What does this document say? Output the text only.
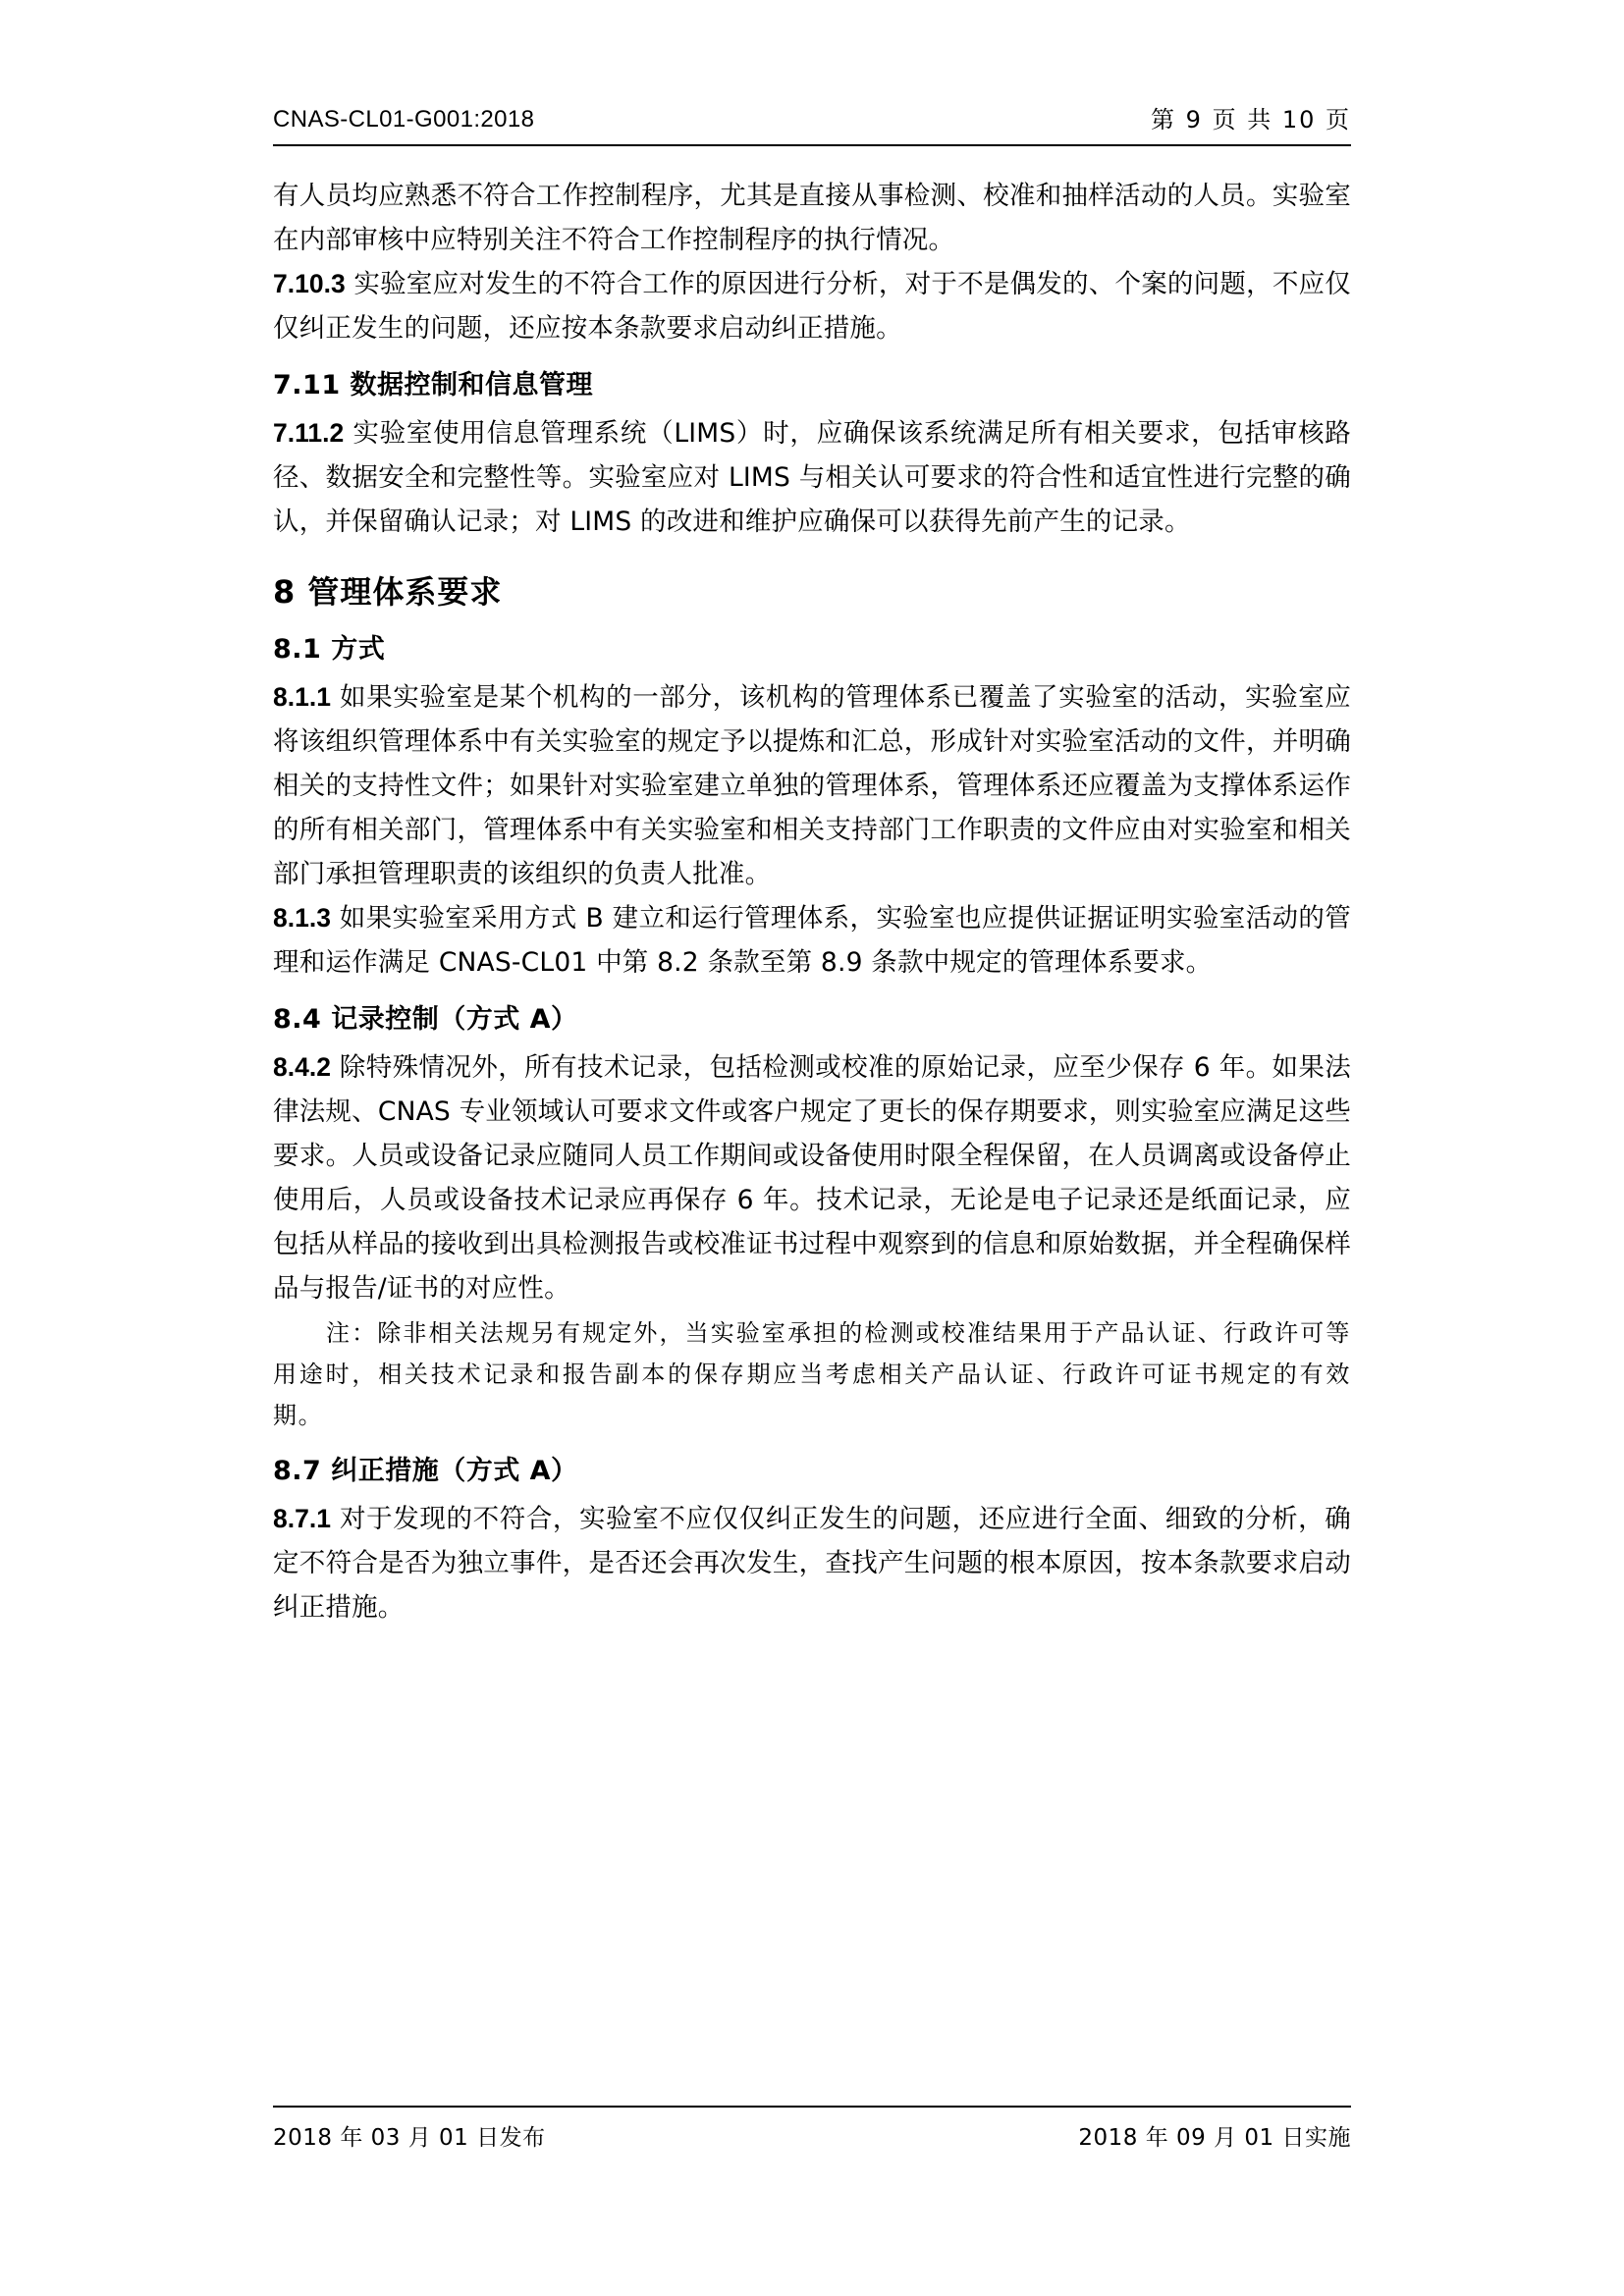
CNAS-CL01-G001:2018	第 9 页 共 10 页

有人员均应熟悉不符合工作控制程序，尤其是直接从事检测、校准和抽样活动的人员。实验室在内部审核中应特别关注不符合工作控制程序的执行情况。

7.10.3 实验室应对发生的不符合工作的原因进行分析，对于不是偶发的、个案的问题，不应仅仅纠正发生的问题，还应按本条款要求启动纠正措施。

7.11 数据控制和信息管理

7.11.2 实验室使用信息管理系统（LIMS）时，应确保该系统满足所有相关要求，包括审核路径、数据安全和完整性等。实验室应对 LIMS 与相关认可要求的符合性和适宜性进行完整的确认，并保留确认记录；对 LIMS 的改进和维护应确保可以获得先前产生的记录。

8 管理体系要求
8.1 方式

8.1.1 如果实验室是某个机构的一部分，该机构的管理体系已覆盖了实验室的活动，实验室应将该组织管理体系中有关实验室的规定予以提炼和汇总，形成针对实验室活动的文件，并明确相关的支持性文件；如果针对实验室建立单独的管理体系，管理体系还应覆盖为支撑体系运作的所有相关部门，管理体系中有关实验室和相关支持部门工作职责的文件应由对实验室和相关部门承担管理职责的该组织的负责人批准。

8.1.3 如果实验室采用方式 B 建立和运行管理体系，实验室也应提供证据证明实验室活动的管理和运作满足 CNAS-CL01 中第 8.2 条款至第 8.9 条款中规定的管理体系要求。

8.4 记录控制（方式 A）

8.4.2 除特殊情况外，所有技术记录，包括检测或校准的原始记录，应至少保存 6 年。如果法律法规、CNAS 专业领域认可要求文件或客户规定了更长的保存期要求，则实验室应满足这些要求。人员或设备记录应随同人员工作期间或设备使用时限全程保留，在人员调离或设备停止使用后，人员或设备技术记录应再保存 6 年。技术记录，无论是电子记录还是纸面记录，应包括从样品的接收到出具检测报告或校准证书过程中观察到的信息和原始数据，并全程确保样品与报告/证书的对应性。

注：除非相关法规另有规定外，当实验室承担的检测或校准结果用于产品认证、行政许可等用途时，相关技术记录和报告副本的保存期应当考虑相关产品认证、行政许可证书规定的有效期。

8.7 纠正措施（方式 A）

8.7.1 对于发现的不符合，实验室不应仅仅纠正发生的问题，还应进行全面、细致的分析，确定不符合是否为独立事件，是否还会再次发生，查找产生问题的根本原因，按本条款要求启动纠正措施。

2018 年 03 月 01 日发布	2018 年 09 月 01 日实施
